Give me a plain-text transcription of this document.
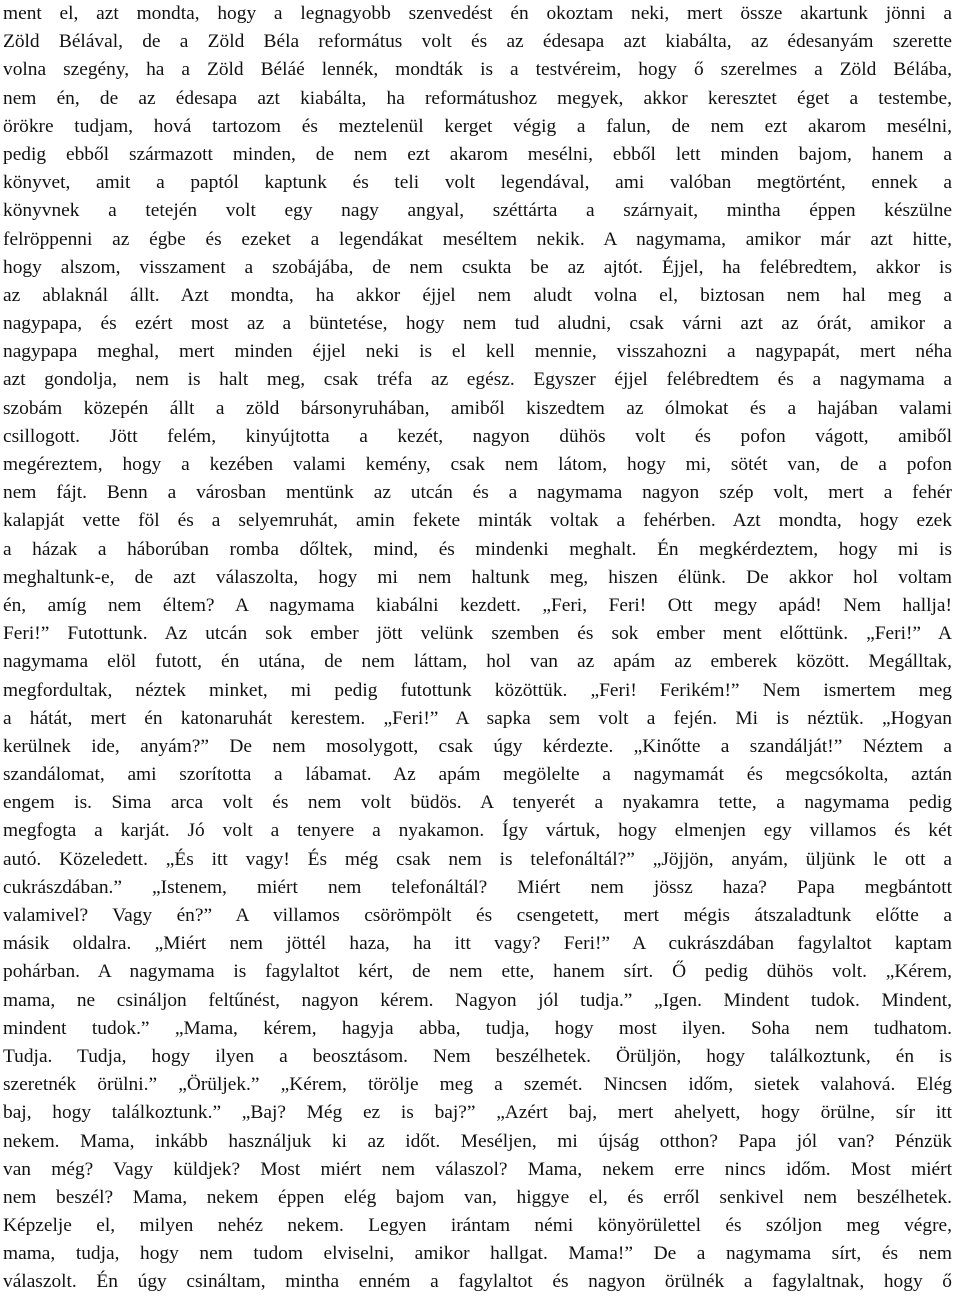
ment el, azt mondta, hogy a legnagyobb szenvedést én okoztam neki, mert össze akartunk jönni a
Zöld Bélával, de a Zöld Béla református volt és az édesapa azt kiabálta, az édesanyám szerette
volna szegény, ha a Zöld Béláé lennék, mondták is a testvéreim, hogy ő szerelmes a Zöld Bélába,
nem én, de az édesapa azt kiabálta, ha reformátushoz megyek, akkor keresztet éget a testembe,
örökre tudjam, hová tartozom és meztelenül kerget végig a falun, de nem ezt akarom mesélni,
pedig ebből származott minden, de nem ezt akarom mesélni, ebből lett minden bajom, hanem a
könyvet, amit a paptól kaptunk és teli volt legendával, ami valóban megtörtént, ennek a
könyvnek a tetején volt egy nagy angyal, széttárta a szárnyait, mintha éppen készülne
felröppenni az égbe és ezeket a legendákat meséltem nekik. A nagymama, amikor már azt hitte,
hogy alszom, visszament a szobájába, de nem csukta be az ajtót. Éjjel, ha felébredtem, akkor is
az ablaknál állt. Azt mondta, ha akkor éjjel nem aludt volna el, biztosan nem hal meg a
nagypapa, és ezért most az a büntetése, hogy nem tud aludni, csak várni azt az órát, amikor a
nagypapa meghal, mert minden éjjel neki is el kell mennie, visszahozni a nagypapát, mert néha
azt gondolja, nem is halt meg, csak tréfa az egész. Egyszer éjjel felébredtem és a nagymama a
szobám közepén állt a zöld bársonyruhában, amiből kiszedtem az ólmokat és a hajában valami
csillogott. Jött felém, kinyújtotta a kezét, nagyon dühös volt és pofon vágott, amiből
megéreztem, hogy a kezében valami kemény, csak nem látom, hogy mi, sötét van, de a pofon
nem fájt. Benn a városban mentünk az utcán és a nagymama nagyon szép volt, mert a fehér
kalapját vette föl és a selyemruhát, amin fekete minták voltak a fehérben. Azt mondta, hogy ezek
a házak a háborúban romba dőltek, mind, és mindenki meghalt. Én megkérdeztem, hogy mi is
meghaltunk-e, de azt válaszolta, hogy mi nem haltunk meg, hiszen élünk. De akkor hol voltam
én, amíg nem éltem? A nagymama kiabálni kezdett. „Feri, Feri! Ott megy apád! Nem hallja!
Feri!” Futottunk. Az utcán sok ember jött velünk szemben és sok ember ment előttünk. „Feri!” A
nagymama elöl futott, én utána, de nem láttam, hol van az apám az emberek között. Megálltak,
megfordultak, néztek minket, mi pedig futottunk közöttük. „Feri! Ferikém!” Nem ismertem meg
a hátát, mert én katonaruhát kerestem. „Feri!” A sapka sem volt a fején. Mi is néztük. „Hogyan
kerülnek ide, anyám?” De nem mosolygott, csak úgy kérdezte. „Kinőtte a szandálját!” Néztem a
szandálomat, ami szorította a lábamat. Az apám megölelte a nagymamát és megcsókolta, aztán
engem is. Sima arca volt és nem volt büdös. A tenyerét a nyakamra tette, a nagymama pedig
megfogta a karját. Jó volt a tenyere a nyakamon. Így vártuk, hogy elmenjen egy villamos és két
autó. Közeledett. „És itt vagy! És még csak nem is telefonáltál?” „Jöjjön, anyám, üljünk le ott a
cukrászdában.” „Istenem, miért nem telefonáltál? Miért nem jössz haza? Papa megbántott
valamivel? Vagy én?” A villamos csörömpölt és csengetett, mert mégis átszaladtunk előtte a
másik oldalra. „Miért nem jöttél haza, ha itt vagy? Feri!” A cukrászdában fagylaltot kaptam
pohárban. A nagymama is fagylaltot kért, de nem ette, hanem sírt. Ő pedig dühös volt. „Kérem,
mama, ne csináljon feltűnést, nagyon kérem. Nagyon jól tudja.” „Igen. Mindent tudok. Mindent,
mindent tudok.” „Mama, kérem, hagyja abba, tudja, hogy most ilyen. Soha nem tudhatom.
Tudja. Tudja, hogy ilyen a beosztásom. Nem beszélhetek. Örüljön, hogy találkoztunk, én is
szeretnék örülni.” „Örüljek.” „Kérem, törölje meg a szemét. Nincsen időm, sietek valahová. Elég
baj, hogy találkoztunk.” „Baj? Még ez is baj?” „Azért baj, mert ahelyett, hogy örülne, sír itt
nekem. Mama, inkább használjuk ki az időt. Meséljen, mi újság otthon? Papa jól van? Pénzük
van még? Vagy küldjek? Most miért nem válaszol? Mama, nekem erre nincs időm. Most miért
nem beszél? Mama, nekem éppen elég bajom van, higgye el, és erről senkivel nem beszélhetek.
Képzelje el, milyen nehéz nekem. Legyen irántam némi könyörülettel és szóljon meg végre,
mama, tudja, hogy nem tudom elviselni, amikor hallgat. Mama!” De a nagymama sírt, és nem
válaszolt. Én úgy csináltam, mintha enném a fagylaltot és nagyon örülnék a fagylaltnak, hogy ő
